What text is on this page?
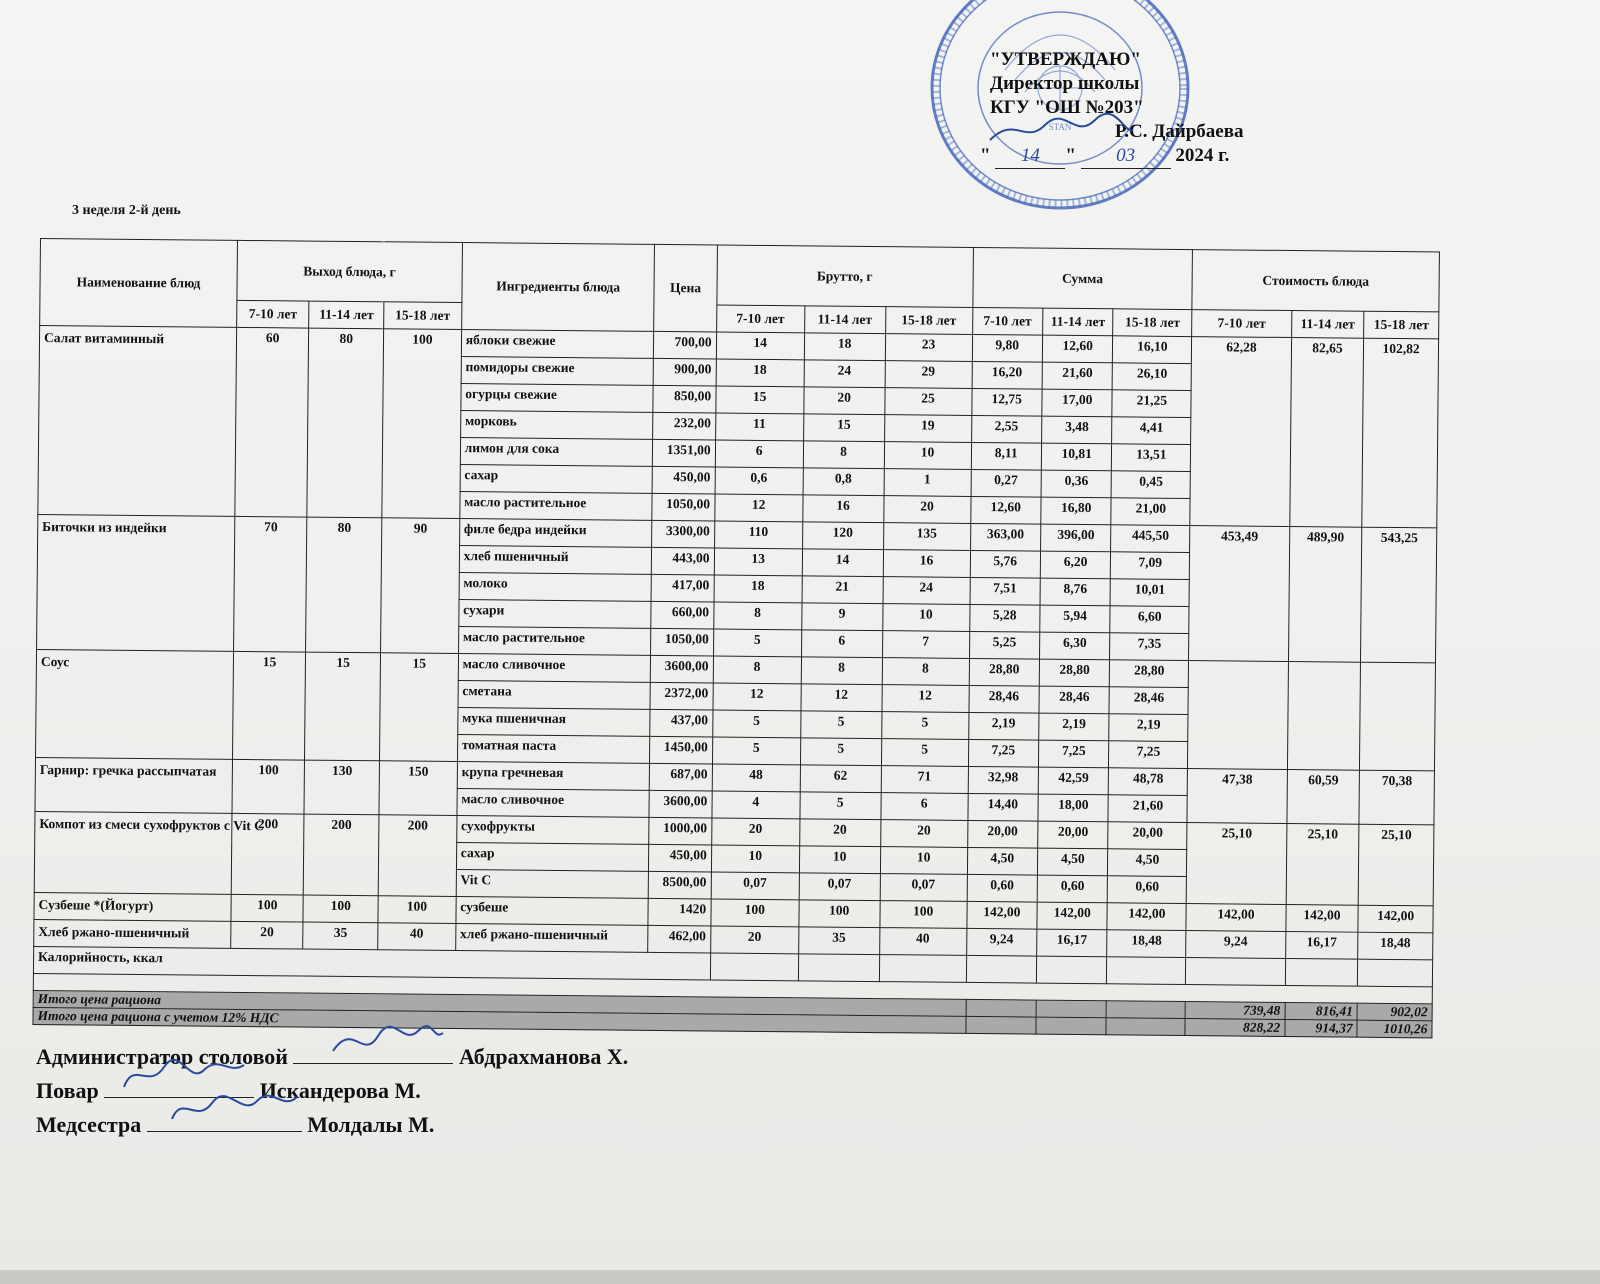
STAN
"УТВЕРЖДАЮ"
Директор школы
КГУ "ОШ №203"
Р.С. Дайрбаева
" 14 " 03 2024 г.
3 неделя 2-й день
Наименование блюд	Выход блюда, г			Ингредиенты блюда	Цена	Брутто, г			Сумма			Стоимость блюда		
	7-10 лет	11-14 лет	15-18 лет			7-10 лет	11-14 лет	15-18 лет	7-10 лет	11-14 лет	15-18 лет	7-10 лет	11-14 лет	15-18 лет
Салат витаминный	60	80	100	яблоки свежие	700,00	14	18	23	9,80	12,60	16,10	62,28	82,65	102,82
				помидоры свежие	900,00	18	24	29	16,20	21,60	26,10			
				огурцы свежие	850,00	15	20	25	12,75	17,00	21,25			
				морковь	232,00	11	15	19	2,55	3,48	4,41			
				лимон для сока	1351,00	6	8	10	8,11	10,81	13,51			
				сахар	450,00	0,6	0,8	1	0,27	0,36	0,45			
				масло растительное	1050,00	12	16	20	12,60	16,80	21,00			
Биточки из индейки	70	80	90	филе бедра индейки	3300,00	110	120	135	363,00	396,00	445,50	453,49	489,90	543,25
				хлеб пшеничный	443,00	13	14	16	5,76	6,20	7,09			
				молоко	417,00	18	21	24	7,51	8,76	10,01			
				сухари	660,00	8	9	10	5,28	5,94	6,60			
				масло растительное	1050,00	5	6	7	5,25	6,30	7,35			
Соус	15	15	15	масло сливочное	3600,00	8	8	8	28,80	28,80	28,80			
				сметана	2372,00	12	12	12	28,46	28,46	28,46			
				мука пшеничная	437,00	5	5	5	2,19	2,19	2,19			
				томатная паста	1450,00	5	5	5	7,25	7,25	7,25			
Гарнир: гречка рассыпчатая	100	130	150	крупа гречневая	687,00	48	62	71	32,98	42,59	48,78	47,38	60,59	70,38
				масло сливочное	3600,00	4	5	6	14,40	18,00	21,60			
Компот из смеси сухофруктов с Vit C	200	200	200	сухофрукты	1000,00	20	20	20	20,00	20,00	20,00	25,10	25,10	25,10
				сахар	450,00	10	10	10	4,50	4,50	4,50			
				Vit C	8500,00	0,07	0,07	0,07	0,60	0,60	0,60			
Сузбеше *(Йогурт)	100	100	100	сузбеше	1420	100	100	100	142,00	142,00	142,00	142,00	142,00	142,00
Хлеб ржано-пшеничный	20	35	40	хлеб ржано-пшеничный	462,00	20	35	40	9,24	16,17	18,48	9,24	16,17	18,48
Калорийность, ккал														

Итого цена рациона												739,48	816,41	902,02
Итого цена рациона с учетом 12% НДС												828,22	914,37	1010,26
Администратор столовой	Абдрахманова Х.
Повар	Искандерова М.
Медсестра	Молдалы М.
